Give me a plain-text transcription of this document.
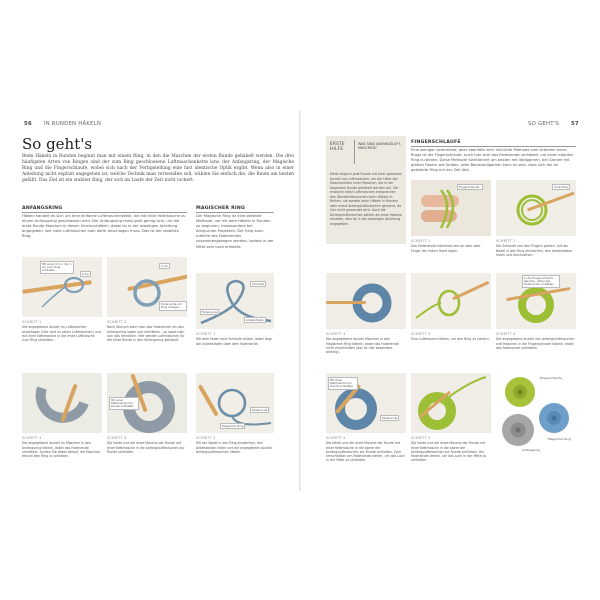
56 IN RUNDEN HÄKELN
So geht's
Beim Häkeln in Runden beginnt man mit einem Ring, in den die Maschen der ersten Runde gehäkelt werden. Die drei häufigsten Arten von Ringen sind der zum Ring geschlossene Luftmaschenkette bzw. der Anfangsring, der Magische Ring und die Fingerschlaufe, wobei sich nach der Fertigstellung eine fast identische Optik ergibt. Wenn also in einer Anleitung nicht explizit angegeben ist, welche Technik man verwenden soll, wählen Sie einfach die, die Ihnen am besten gefällt. Das Ziel ist ein stabiler Ring, der sich im Laufe der Zeit nicht lockert.
ANFANGSRING
Häkeln handelt es sich um eine einfache Luftmaschenkette, die mit einer Kettmasche zu einem Anfangsring geschlossen wird. Der Anfangsring muss groß genug sein, um die erste Runde Maschen in diesen hineinzuhäkeln, dabei ist in der jeweiligen Anleitung angegeben, wie viele Luftmaschen man dafür anschlagen muss. Das ist der stabilste Ring.
Mit einer Km in die 1. Lm zum Ring schließen
6 Lm
SCHRITT 1
Die angegebene Anzahl an Luftmaschen anschlagen (hier sind es sechs Luftmaschen) und mit einer Kettmasche in die erste Luftmasche zum Ring schließen.
2 Lm
Fadenende am Ring anlegen
SCHRITT 2
Nach Wunsch kann man das Fadenende um den Anfangsring legen und umhäkeln – so spart man sich das Vernähen. Hier werden Luftmaschen für die erste Runde in den Anfangsring gehäkelt.
SCHRITT 3
Die angegebene Anzahl an Maschen in den Anfangsring häkeln, dabei das Fadenende umhäkeln. Achten Sie dabei darauf, die Maschen fest an den Ring zu schieben.
Mit einer Kettmasche zur Runde schließen
SCHRITT 4
Die letzte und die erste Masche der Runde mit einer Kettmasche in die Anfangsluftmaschen zur Runde schließen.
MAGISCHER RING
Der Magische Ring ist eine beliebte Methode, um mit dem Häkeln in Runden zu beginnen, insbesondere bei Amigurumi-Projekten. Der Ring kann mithilfe des Fadenendes zusammengezogen werden, sodass in der Mitte kein Loch entsteht.
Schlaufe
Fadenende
Arbeitsfaden
SCHRITT 1
Mit dem Faden eine Schlaufe bilden, dabei liegt der Arbeitsfaden über dem Fadenende.
Fadenende
Magischer Ring
SCHRITT 2
Mit der Nadel in den Ring einstechen, den Arbeitsfaden holen und die angegebene Anzahl Anfangsluftmaschen häkeln.
SO GEHT'S 57
ERSTE
HILFE
WAS SIND ANFANGSLUFT-MASCHEN?
Meist beginnt jede Runde mit einer gewissen Anzahl von Luftmaschen, um die Höhe der Maschenhöhe einer Maschen, die in der folgenden Runde gehäkelt werden soll. Sie ersetzen diese Luftmaschen entsprechen den Wendeluftmaschen beim Häkeln in Reihen, sie werden beim Häkeln in Runden aber meist Anfangsluftmaschen genannt, da hier nicht gewendet wird. Auch die Anfangsluftmaschen zählen als erste Masche erhalten, dies ist in der jeweiligen Anleitung angegeben.
SCHRITT 3
Die angegebene Anzahl Maschen in den Magischen Ring häkeln, dabei das Fadenende nicht einschließen (das ist hier besonders wichtig).
Mit einer Kettmasche zur Runde schließen
Fadenende
SCHRITT 4
Die letzte und die erste Masche der Runde mit einer Kettmasche in die obere der Anfangsluftmaschen zur Runde schließen. Zum Verschließen am Fadenende ziehen, um das Loch in der Mitte zu schließen.
FINGERSCHLAUFE
Eine weniger verbreitete, aber ebenfalls sehr nützliche Methode zum Arbeiten eines Rings ist die Fingerschlaufe. Auch hier wird das Fadenende umhäkelt, um einen stabilen Ring zu bilden. Diese Methode funktioniert am besten mit Wollgarnen, bei Garnen mit glatten Fasern wie Seiden- oder Baumwollgarnen kann es sein, dass sich der so gebildete Ring mit der Zeit löst.
Fingerschlaufe
SCHRITT 1
Das Fadenende mehrmals wie an oder zwei Finger der linken Hand legen.
Umschlag
SCHRITT 2
Die Schlaufe von den Fingern gleiten, mit der Nadel in den Ring einstechen, den Arbeitsfaden holen und durchziehen.
SCHRITT 3
Eine Luftmasche häkeln, um den Ring zu sichern.
In die Fingerschlaufe stechen, dabei das Fadenende umhäkeln
SCHRITT 4
Die angegebene Anzahl von Anfangsluftmaschen und Maschen in die Fingerschlaufe häkeln, dabei das Fadenende umhäkeln.
SCHRITT 5
Die letzte und die erste Masche der Runde mit einer Kettmasche in die obere der Anfangsluftmaschen zur Runde schließen. Am Fadenende ziehen, um das Loch in der Mitte zu schließen.
Fingerschlaufe
Magischer Ring
Anfangsring
